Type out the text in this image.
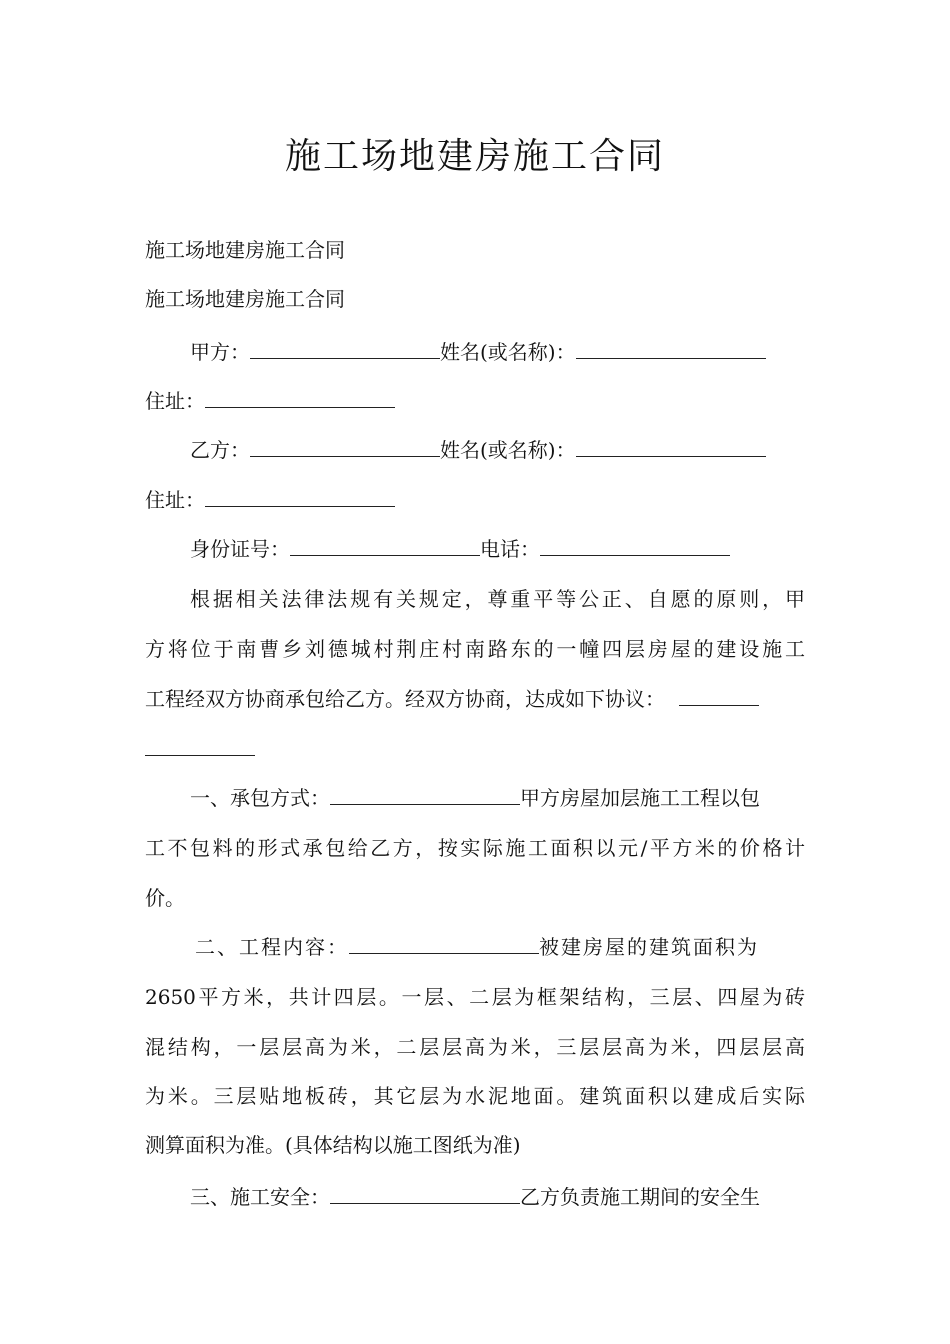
施工场地建房施工合同
施工场地建房施工合同
施工场地建房施工合同
甲方：	姓名(或名称)：
住址：
乙方：	姓名(或名称)：
住址：
身份证号：	电话：
根据相关法律法规有关规定，尊重平等公正、自愿的原则，甲
方将位于南曹乡刘德城村荆庄村南路东的一幢四层房屋的建设施工
工程经双方协商承包给乙方。经双方协商，达成如下协议：
一、承包方式：	甲方房屋加层施工工程以包
工不包料的形式承包给乙方，按实际施工面积以元/平方米的价格计
价。
二、工程内容：	被建房屋的建筑面积为
2650平方米，共计四层。一层、二层为框架结构，三层、四屋为砖
混结构，一层层高为米，二层层高为米，三层层高为米，四层层高
为米。三层贴地板砖，其它层为水泥地面。建筑面积以建成后实际
测算面积为准。(具体结构以施工图纸为准)
三、施工安全：	乙方负责施工期间的安全生
